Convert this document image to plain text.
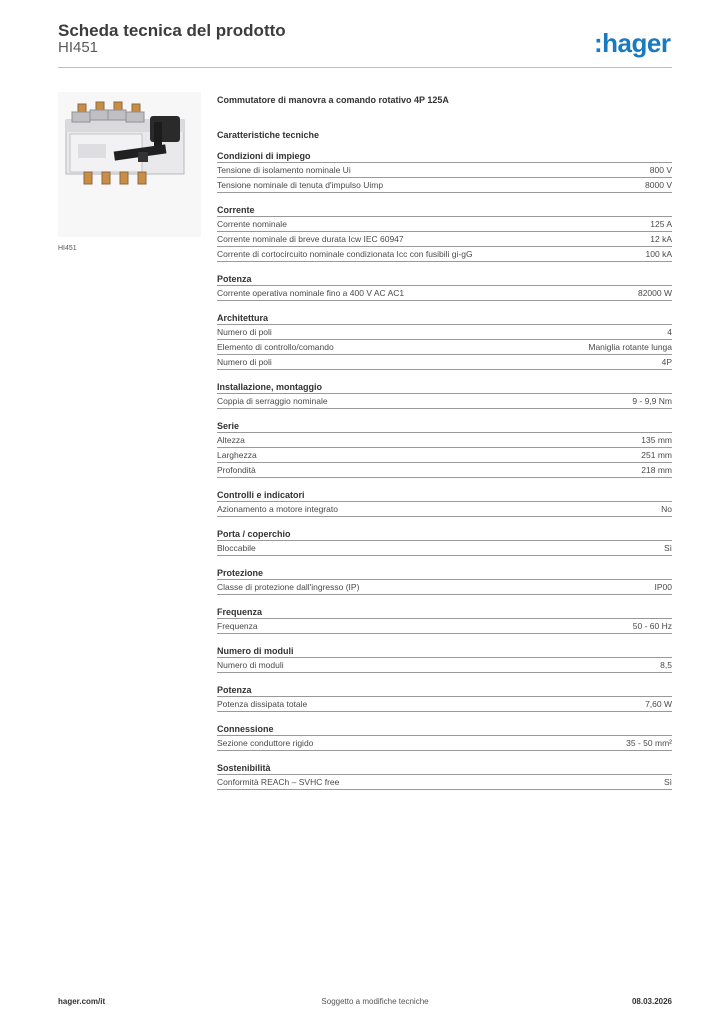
Scheda tecnica del prodotto
HI451	:hager
HI451
Commutatore di manovra a comando rotativo 4P 125A
Caratteristiche tecniche
Condizioni di impiego
Tensione di isolamento nominale Ui	800 V
Tensione nominale di tenuta d'impulso Uimp	8000 V
Corrente
Corrente nominale	125 A
Corrente nominale di breve durata Icw IEC 60947	12 kA
Corrente di cortocircuito nominale condizionata Icc con fusibili gi-gG	100 kA
Potenza
Corrente operativa nominale fino a 400 V AC AC1	82000 W
Architettura
Numero di poli	4
Elemento di controllo/comando	Maniglia rotante lunga
Numero di poli	4P
Installazione, montaggio
Coppia di serraggio nominale	9 - 9,9 Nm
Serie
Altezza	135 mm
Larghezza	251 mm
Profondità	218 mm
Controlli e indicatori
Azionamento a motore integrato	No
Porta / coperchio
Bloccabile	Sì
Protezione
Classe di protezione dall'ingresso (IP)	IP00
Frequenza
Frequenza	50 - 60 Hz
Numero di moduli
Numero di moduli	8,5
Potenza
Potenza dissipata totale	7,60 W
Connessione
Sezione conduttore rigido	35 - 50 mm²
Sostenibilità
Conformità REACh – SVHC free	Sì
hager.com/it	Soggetto a modifiche tecniche	08.03.2026
